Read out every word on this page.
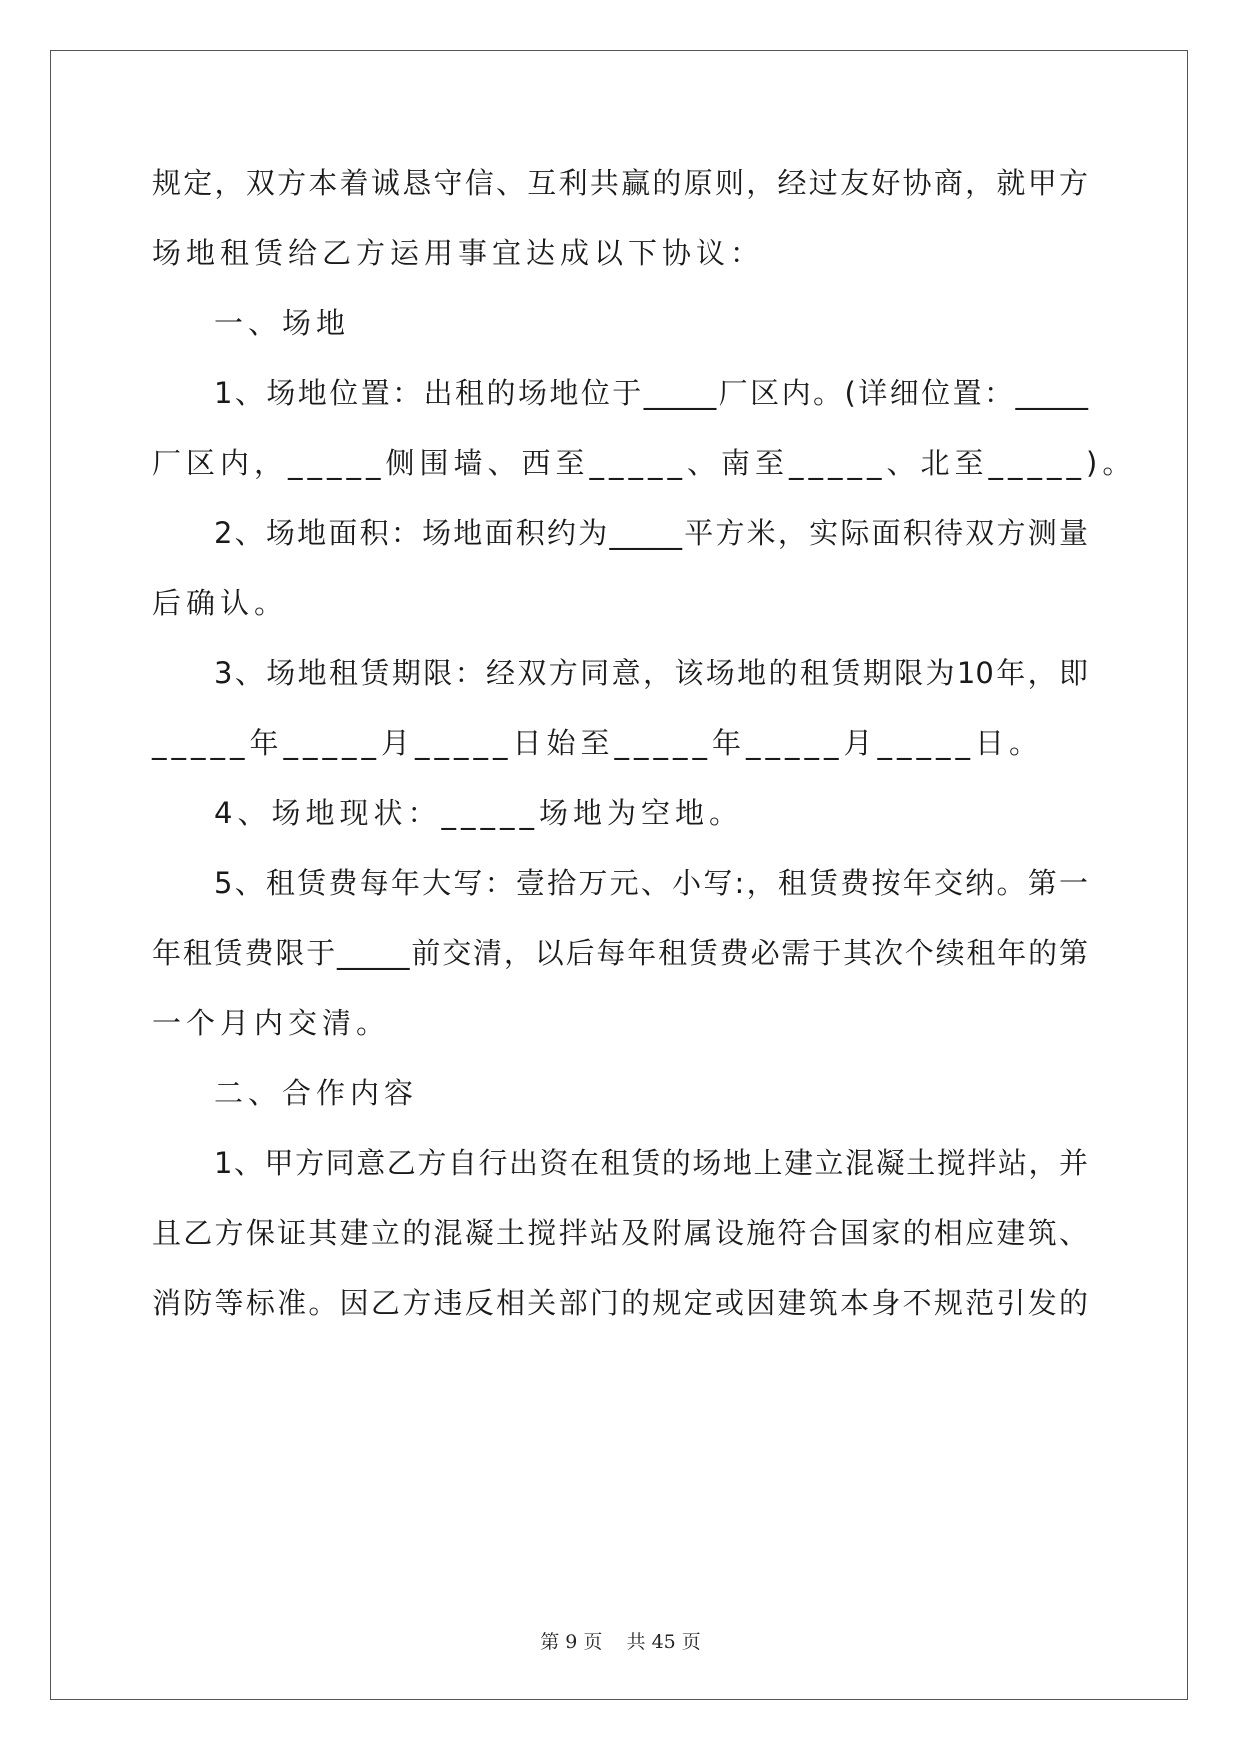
规定，双方本着诚恳守信、互利共赢的原则，经过友好协商，就甲方
场地租赁给乙方运用事宜达成以下协议：
一、场地
1、场地位置：出租的场地位于_____厂区内。(详细位置：_____
厂区内，_____侧围墙、西至_____、南至_____、北至_____)。
2、场地面积：场地面积约为_____平方米，实际面积待双方测量
后确认。
3、场地租赁期限：经双方同意，该场地的租赁期限为10年，即
_____年_____月_____日始至_____年_____月_____日。
4、场地现状：_____场地为空地。
5、租赁费每年大写：壹拾万元、小写:，租赁费按年交纳。第一
年租赁费限于_____前交清，以后每年租赁费必需于其次个续租年的第
一个月内交清。
二、合作内容
1、甲方同意乙方自行出资在租赁的场地上建立混凝土搅拌站，并
且乙方保证其建立的混凝土搅拌站及附属设施符合国家的相应建筑、
消防等标准。因乙方违反相关部门的规定或因建筑本身不规范引发的
第 9 页    共 45 页
